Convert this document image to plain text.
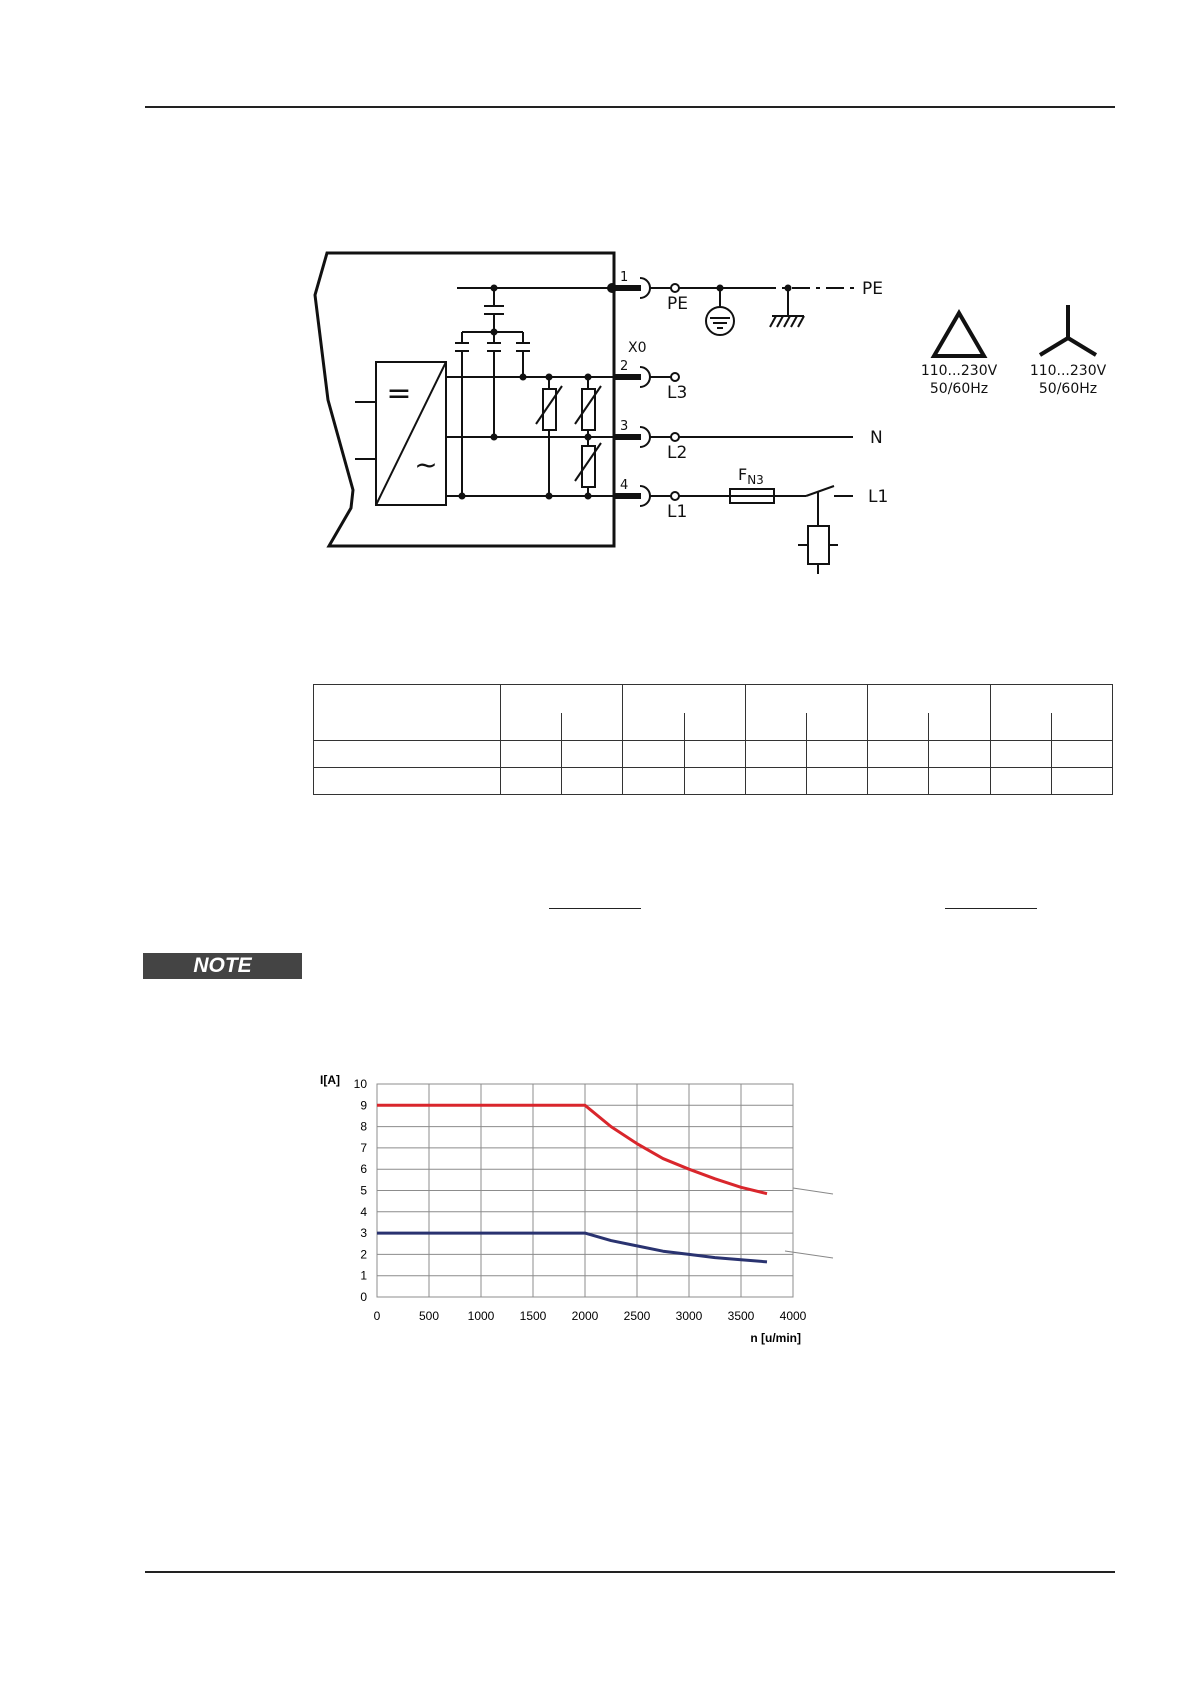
=
~
X0
1
2
3
4
PE
L3
L2
L1
PE
N
$F_{N3}$
L1
110...230V
50/60Hz
110...230V
50/60Hz

NOTE
0	500 1000 1500 2000 2500 3000 3500 4000
0
1
2
3
4
5
6
7
8
9
10
I[A]
n [u/min]
